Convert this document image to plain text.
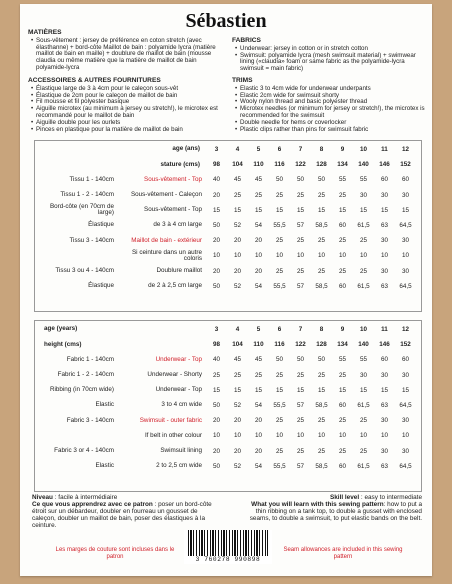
Sébastien
MATIÈRES
• Sous-vêtement : jersey de préférence en coton stretch (avec élasthanne) + bord-côte Maillot de bain : polyamide lycra (matière maillot de bain en maille) + doublure de maillot de bain (mousse claudia ou même matière que la matière de maillot de bain polyamide-lycra
ACCESSOIRES & AUTRES FOURNITURES
• Élastique large de 3 à 4cm pour le caleçon sous-vêt
• Élastique de 2cm pour le caleçon de maillot de bain
• Fil mousse et fil polyester basique
• Aiguille microtex (au minimum à jersey ou stretch!), le microtex est recommandé pour le maillot de bain
• Aiguille double pour les ourlets
• Pinces en plastique pour la matière de maillot de bain
FABRICS
• Underwear: jersey in cotton or in stretch cotton
• Swimsuit: polyamide lycra (mesh swimsuit material) + swimwear lining («claudia» foam or same fabric as the polyamide-lycra swimsuit = main fabric)
TRIMS
• Elastic 3 to 4cm wide for underwear underpants
• Elastic 2cm wide for swimsuit shorty
• Wooly nylon thread and basic polyester thread
• Microtex needles (or minimum for jersey or stretch!), the microtex is recommended for the swimsuit
• Double needle for hems or coverlocker
• Plastic clips rather than pins for swimsuit fabric
age (ans)		3	4	5	6	7	8	9	10	11	12
stature (cms)		98	104	110	116	122	128	134	140	146	152
Tissu 1 - 140cm	Sous-vêtement - Top	40	45	45	50	50	50	55	55	60	60
Tissu 1 - 2 - 140cm	Sous-vêtement - Caleçon	20	25	25	25	25	25	25	30	30	30
Bord-côte (en 70cm de large)	Sous-vêtement - Top	15	15	15	15	15	15	15	15	15	15
Élastique	de 3 à 4 cm large	50	52	54	55,5	57	58,5	60	61,5	63	64,5
Tissu 3 - 140cm	Maillot de bain - extérieur	20	20	20	25	25	25	25	25	30	30
	Si ceinture dans un autre coloris	10	10	10	10	10	10	10	10	10	10
Tissu 3 ou 4 - 140cm	Doublure maillot	20	20	20	25	25	25	25	25	30	30
Élastique	de 2 à 2,5 cm large	50	52	54	55,5	57	58,5	60	61,5	63	64,5
age (years)		3	4	5	6	7	8	9	10	11	12
height (cms)		98	104	110	116	122	128	134	140	146	152
Fabric 1 - 140cm	Underwear - Top	40	45	45	50	50	50	55	55	60	60
Fabric 1 - 2 - 140cm	Underwear - Shorty	25	25	25	25	25	25	25	30	30	30
Ribbing (in 70cm wide)	Underwear - Top	15	15	15	15	15	15	15	15	15	15
Elastic	3 to 4 cm wide	50	52	54	55,5	57	58,5	60	61,5	63	64,5
Fabric 3 - 140cm	Swimsuit - outer fabric	20	20	20	25	25	25	25	25	30	30
	If belt in other colour	10	10	10	10	10	10	10	10	10	10
Fabric 3 or 4 - 140cm	Swimsuit lining	20	20	20	25	25	25	25	25	30	30
Elastic	2 to 2,5 cm wide	50	52	54	55,5	57	58,5	60	61,5	63	64,5
Niveau : facile à intermédiaire
Ce que vous apprendrez avec ce patron : poser un bord-côte étroit sur un débardeur, doubler en fourreau un gousset de caleçon, doubler un maillot de bain, poser des élastiques à la ceinture.
Les marges de couture sont incluses dans le patron
Skill level : easy to intermediate
What you will learn with this sewing pattern: how to put a thin ribbing on a tank top, to double a gusset with enclosed seams, to double a swimsuit, to put elastic bands on the belt.
Seam allowances are included in this sewing pattern
3 760278 990898
